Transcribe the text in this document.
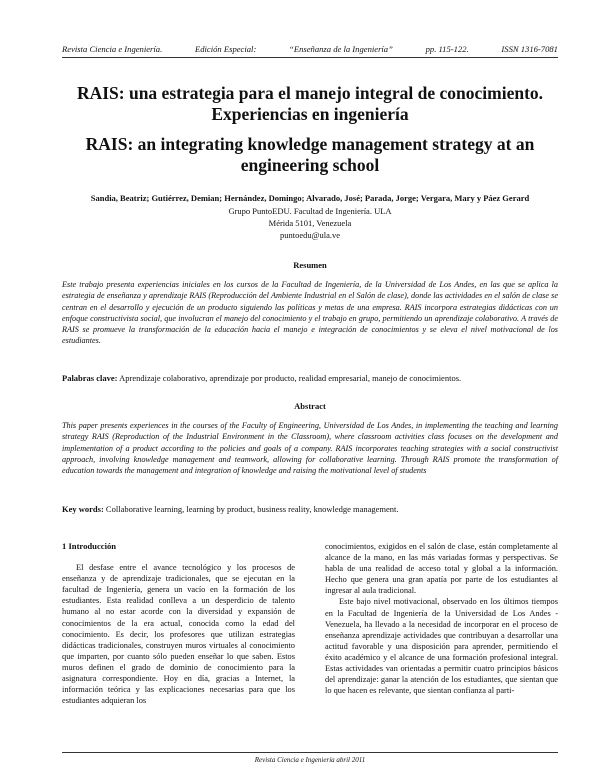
Revista Ciencia e Ingeniería.	Edición Especial:	“Enseñanza de la Ingeniería”	pp. 115-122.	ISSN 1316-7081
RAIS: una estrategia para el manejo integral de conocimiento. Experiencias en ingeniería
RAIS: an integrating knowledge management strategy at an engineering school
Sandia, Beatriz; Gutiérrez, Demian; Hernández, Domingo; Alvarado, José; Parada, Jorge; Vergara, Mary y Páez Gerard
Grupo PuntoEDU. Facultad de Ingeniería. ULA
Mérida 5101, Venezuela
puntoedu@ula.ve
Resumen
Este trabajo presenta experiencias iniciales en los cursos de la Facultad de Ingeniería, de la Universidad de Los Andes, en las que se aplica la estrategia de enseñanza y aprendizaje RAIS (Reproducción del Ambiente Industrial en el Salón de clase), donde las actividades en el salón de clase se centran en el desarrollo y ejecución de un producto siguiendo las políticas y metas de una empresa. RAIS incorpora estrategias didácticas con un enfoque constructivista social, que involucran el manejo del conocimiento y el trabajo en grupo, permitiendo un aprendizaje colaborativo. A través de RAIS se promueve la transformación de la educación hacia el manejo e integración de conocimientos y se eleva el nivel motivacional de los estudiantes.
Palabras clave: Aprendizaje colaborativo, aprendizaje por producto, realidad empresarial, manejo de conocimientos.
Abstract
This paper presents experiences in the courses of the Faculty of Engineering, Universidad de Los Andes, in implementing the teaching and learning strategy RAIS (Reproduction of the Industrial Environment in the Classroom), where classroom activities class focuses on the development and implementation of a product according to the policies and goals of a company. RAIS incorporates teaching strategies with a social constructivist approach, involving knowledge management and teamwork, allowing for collaborative learning. Through RAIS promote the transformation of education towards the management and integration of knowledge and raising the motivational level of students
Key words: Collaborative learning, learning by product, business reality, knowledge management.

1 Introducción

El desfase entre el avance tecnológico y los procesos de enseñanza y de aprendizaje tradicionales, que se ejecutan en la facultad de Ingeniería, genera un vacío en la formación de los estudiantes. Esta realidad conlleva a un desperdicio de talento humano al no estar acorde con la diversidad y expansión de conocimientos de la era actual, conocida como la edad del conocimiento. Es decir, los profesores que utilizan estrategias didácticas tradicionales, construyen muros virtuales al conocimiento que imparten, por cuanto sólo pueden enseñar lo que saben. Estos muros definen el grado de dominio de conocimiento para la asignatura correspondiente. Hoy en día, gracias a Internet, la información teórica y las explicaciones necesarias para que los estudiantes adquieran los

conocimientos, exigidos en el salón de clase, están completamente al alcance de la mano, en las más variadas formas y perspectivas. Se habla de una realidad de acceso total y global a la información. Hecho que genera una gran apatía por parte de los estudiantes al ingresar al aula tradicional.

Este bajo nivel motivacional, observado en los últimos tiempos en la Facultad de Ingeniería de la Universidad de Los Andes - Venezuela, ha llevado a la necesidad de incorporar en el proceso de enseñanza aprendizaje actividades que contribuyan a desarrollar una actitud favorable y una disposición para aprender, permitiendo el éxito académico y el alcance de una formación profesional integral. Estas actividades van orientadas a permitir cuatro principios básicos del aprendizaje: ganar la atención de los estudiantes, que sientan que lo que hacen es relevante, que sientan confianza al parti-

Revista Ciencia e Ingeniería abril 2011
